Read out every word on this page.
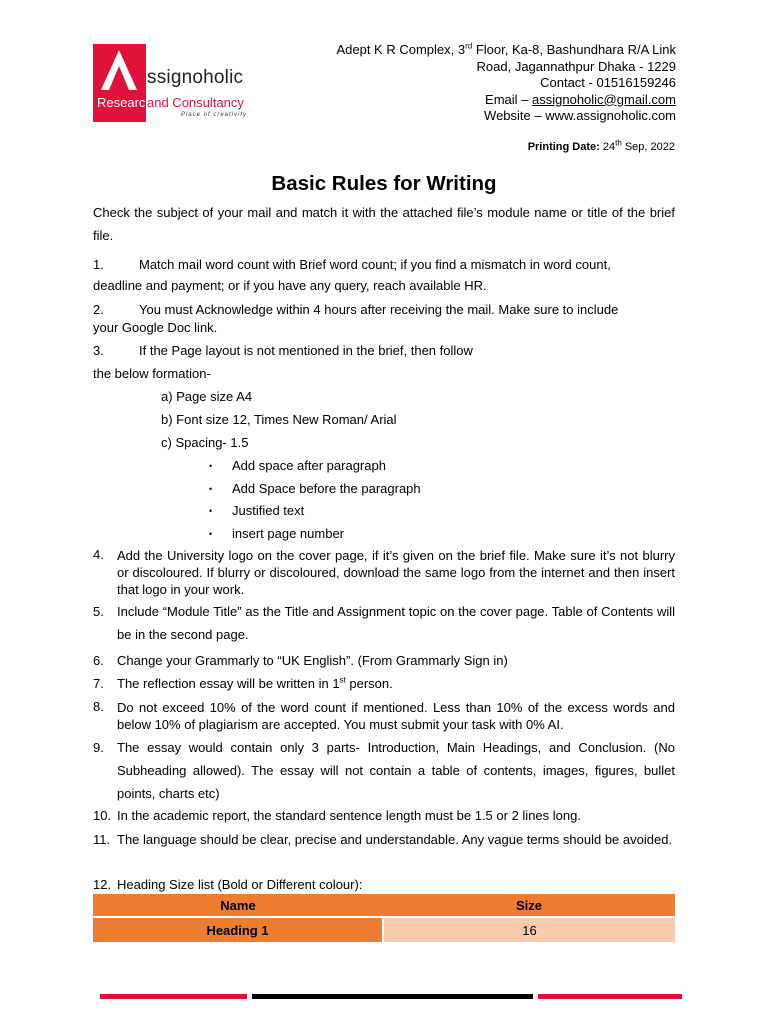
ssignoholic
Research
and Consultancy
Place of creativity
Adept K R Complex, 3rd Floor, Ka-8, Bashundhara R/A Link
Road, Jagannathpur Dhaka - 1229
Contact - 01516159246
Email – assignoholic@gmail.com
Website – www.assignoholic.com
Printing Date: 24th Sep, 2022
Basic Rules for Writing
Check the subject of your mail and match it with the attached file’s module name or title of the brief file.
1.	Match mail word count with Brief word count; if you find a mismatch in word count,
deadline and payment; or if you have any query, reach available HR.
2.	You must Acknowledge within 4 hours after receiving the mail. Make sure to include
your Google Doc link.
3.	If the Page layout is not mentioned in the brief, then follow
the below formation-
a) Page size A4
b) Font size 12, Times New Roman/ Arial
c) Spacing- 1.5
• Add space after paragraph
• Add Space before the paragraph
• Justified text
• insert page number
4.	Add the University logo on the cover page, if it’s given on the brief file. Make sure it’s not blurry or discoloured. If blurry or discoloured, download the same logo from the internet and then insert that logo in your work.
5.	Include “Module Title” as the Title and Assignment topic on the cover page. Table of Contents will be in the second page.
6.	Change your Grammarly to “UK English”. (From Grammarly Sign in)
7.	The reflection essay will be written in 1st person.
8.	Do not exceed 10% of the word count if mentioned. Less than 10% of the excess words and below 10% of plagiarism are accepted. You must submit your task with 0% AI.
9.	The essay would contain only 3 parts- Introduction, Main Headings, and Conclusion. (No Subheading allowed). The essay will not contain a table of contents, images, figures, bullet points, charts etc)
10. In the academic report, the standard sentence length must be 1.5 or 2 lines long.
11. The language should be clear, precise and understandable. Any vague terms should be avoided.
12. Heading Size list (Bold or Different colour):
Name	Size
Heading 1	16
